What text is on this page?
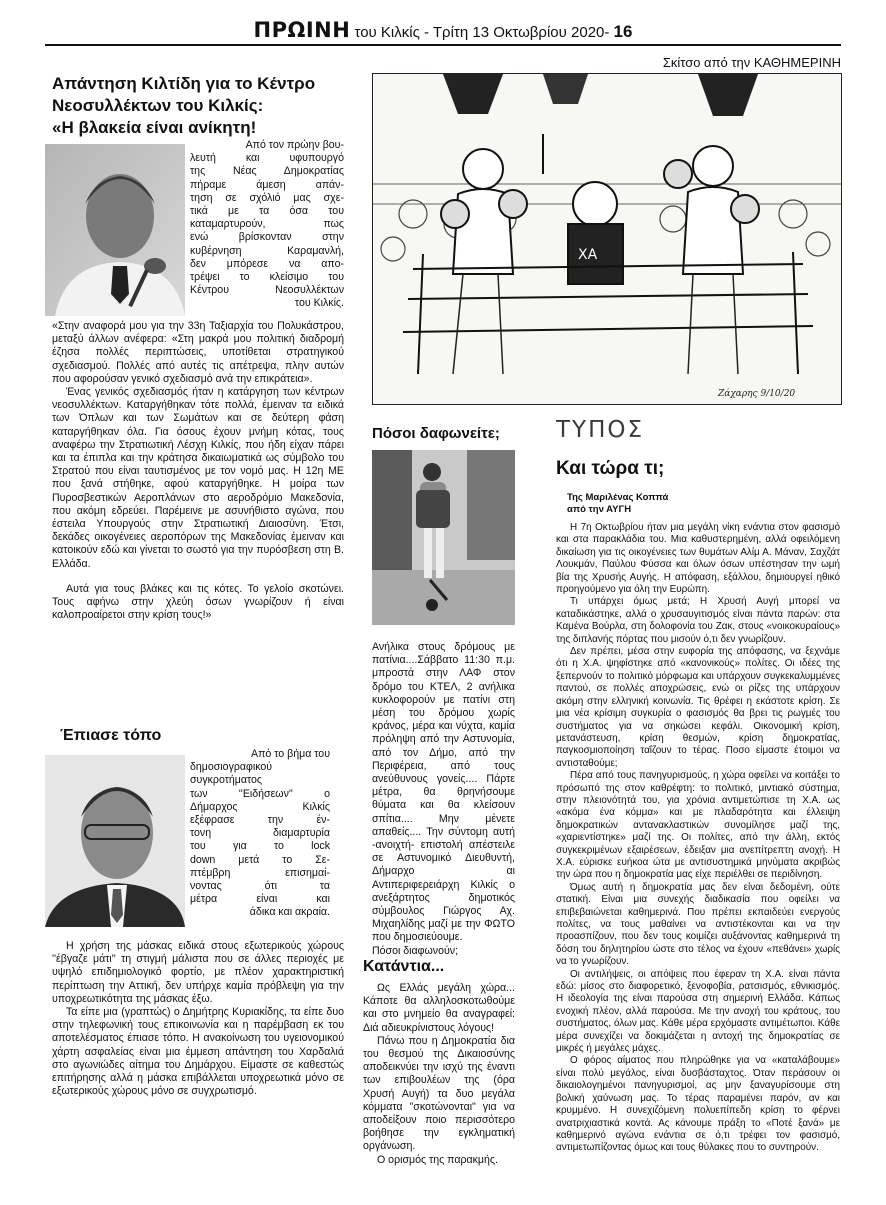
ΠΡΩΙΝΗ του Κιλκίς - Τρίτη 13 Οκτωβρίου 2020- 16
Σκίτσο από την ΚΑΘΗΜΕΡΙΝΗ
ΧΑ
Ζάχαρης 9/10/20
Απάντηση Κιλτίδη για το Κέντρο
Νεοσυλλέκτων του Κιλκίς:
«Η βλακεία είναι ανίκητη!
Από τον πρώην βου-
λευτή και υφυπουργό
της Νέας Δημοκρατίας
πήραμε άμεση απάν-
τηση σε σχόλιό μας σχε-
τικά με τα όσα του
καταμαρτυρούν, πως
ενώ βρίσκονταν στην
κυβέρνηση Καραμανλή,
δεν μπόρεσε να απο-
τρέψει το κλείσιμο του
Κέντρου Νεοσυλλέκτων
του Κιλκίς.

«Στην αναφορά μου για την 33η Ταξιαρχία του Πολυκάστρου, μεταξύ άλλων ανέφερα: «Στη μακρά μου πολιτική διαδρομή έζησα πολλές περιπτώσεις, υποτίθεται στρατηγικού σχεδιασμού. Πολλές από αυτές τις απέτρεψα, πλην αυτών που αφορούσαν γενικό σχεδιασμό ανά την επικράτεια».

Ένας γενικός σχεδιασμός ήταν η κατάργηση των κέντρων νεοσυλλέκτων. Καταργήθηκαν τότε πολλά, έμειναν τα ειδικά των Όπλων και των Σωμάτων και σε δεύτερη φάση καταργήθηκαν όλα. Για όσους έχουν μνήμη κότας, τους αναφέρω την Στρατιωτική Λέσχη Κιλκίς, που ήδη είχαν πάρει και τα έπιπλα και την κράτησα δικαιωματικά ως σύμβολο του Στρατού που είναι ταυτισμένος με τον νομό μας. Η 12η ΜΕ που ξανά στήθηκε, αφού καταργήθηκε. Η μοίρα των Πυροσβεστικών Αεροπλάνων στο αεροδρόμιο Μακεδονία, που ακόμη εδρεύει. Παρέμεινε με ασυνήθιστο αγώνα, που έστειλα Υπουργούς στην Στρατιωτική Διαιοσύνη. Έτσι, δεκάδες οικογένειες αεροπόρων της Μακεδονίας έμειναν και κατοικούν εδώ και γίνεται το σωστό για την πυρόσβεση στη Β. Ελλάδα.

Αυτά για τους βλάκες και τις κότες. Το γελοίο σκοτώνει. Τους αφήνω στην χλεύη όσων γνωρίζουν ή είναι καλοπροαίρετοι στην κρίση τους!»

Έπιασε τόπο
Από το βήμα του
δημοσιογραφικού
συγκροτήματος
των ''Ειδήσεων'' ο
Δήμαρχος Κιλκίς
εξέφρασε την έν-
τονη διαμαρτυρία
του για το lock
down μετά το Σε-
πτέμβρη επισημαί-
νοντας ότι τα
μέτρα είναι και
άδικα και ακραία.

Η χρήση της μάσκας ειδικά στους εξωτερικούς χώρους ''έβγαζε μάτι'' τη στιγμή μάλιστα που σε άλλες περιοχές με υψηλό επιδημιολογικό φορτίο, με πλέον χαρακτηριστική περίπτωση την Αττική, δεν υπήρχε καμία πρόβλεψη για την υποχρεωτικότητα της μάσκας έξω.

Τα είπε μια (γραπτώς) ο Δημήτρης Κυριακίδης, τα είπε δυο στην τηλεφωνική τους επικοινωνία και η παρέμβαση εκ του αποτελέσματος έπιασε τόπο. Η ανακοίνωση του υγειονομικού χάρτη ασφαλείας είναι μια έμμεση απάντηση του Χαρδαλιά στο αγωνιώδες αίτημα του Δημάρχου. Είμαστε σε καθεστώς επιτήρησης αλλά η μάσκα επιβάλλεται υποχρεωτικά μόνο σε εξωτερικούς χώρους μόνο σε συγχρωτισμό.

Πόσοι δαφωνείτε;

Ανήλικα στους δρόμους με πατίνια....Σάββατο 11:30 π.μ. μπροστά στην ΛΑΦ στον δρόμο του ΚΤΕΛ, 2 ανήλικα κυκλοφορούν με πατίνι στη μέση του δρόμου χωρίς κράνος, μέρα και νύχτα, καμία πρόληψη από την Αστυνομία, από τον Δήμο, από την Περιφέρεια, από τους ανεύθυνους γονείς.... Πάρτε μέτρα, θα θρηνήσουμε θύματα και θα κλείσουν σπίτια.... Μην μένετε απαθείς.... Την σύντομη αυτή -ανοιχτή- επιστολή απέστειλε σε Αστυνομικό Διευθυντή, Δήμαρχο αι Αντιπεριφερειάρχη Κιλκίς ο ανεξάρτητος δημοτικός σύμβουλος Γιώργος Αχ. Μιχαηλίδης μαζί με την ΦΩΤΟ που δημοσιεύουμε.

Πόσοι διαφωνούν;

Κατάντια...

Ως Ελλάς μεγάλη χώρα... Κάποτε θα αλληλοσκοτωθούμε και στο μνημείο θα αναγραφεί: Διά αδιευκρίνιστους λόγους!

Πάνω που η Δημοκρατία δια του θεσμού της Δικαιοσύνης αποδεικνύει την ισχύ της έναντι των επιβουλέων της (όρα Χρυσή Αυγή) τα δυο μεγάλα κόμματα "σκοτώνονται" για να αποδείξουν ποιο περισσότερο βοήθησε την εγκληματική οργάνωση.

Ο ορισμός της παρακμής.

ΤΥΠΟΣ
Και τώρα τι;
Της Μαριλένας Κοππά
από την ΑΥΓΗ

Η 7η Οκτωβρίου ήταν μια μεγάλη νίκη ενάντια στον φασισμό και στα παρακλάδια του. Μια καθυστερημένη, αλλά οφειλόμενη δικαίωση για τις οικογένειες των θυμάτων Αλίμ Α. Μάναν, Σαχζάτ Λουκμάν, Παύλου Φύσσα και όλων όσων υπέστησαν την ωμή βία της Χρυσής Αυγής. Η απόφαση, εξάλλου, δημιουργεί ηθικό προηγούμενο για όλη την Ευρώπη.

Τι υπάρχει όμως μετά; Η Χρυσή Αυγή μπορεί να καταδικάστηκε, αλλά ο χρυσαυγιτισμός είναι πάντα παρών: στα Καμένα Βούρλα, στη δολοφονία του Ζακ, στους «νοικοκυραίους» της διπλανής πόρτας που μισούν ό,τι δεν γνωρίζουν.

Δεν πρέπει, μέσα στην ευφορία της απόφασης, να ξεχνάμε ότι η Χ.Α. ψηφίστηκε από «κανονικούς» πολίτες. Οι ιδέες της ξεπερνούν το πολιτικό μόρφωμα και υπάρχουν συγκεκαλυμμένες παντού, σε πολλές αποχρώσεις, ενώ οι ρίζες της υπάρχουν ακόμη στην ελληνική κοινωνία. Τις θρέφει η εκάστοτε κρίση. Σε μια νέα κρίσιμη συγκυρία ο φασισμός θα βρει τις ρωγμές του συστήματος για να σηκώσει κεφάλι. Οικονομική κρίση, μετανάστευση, κρίση θεσμών, κρίση δημοκρατίας, παγκοσμιοποίηση ταΐζουν το τέρας. Ποσο είμαστε έτοιμοι να αντισταθούμε;

Πέρα από τους πανηγυρισμούς, η χώρα οφείλει να κοιτάξει το πρόσωπό της στον καθρέφτη: το πολιτικό, μιντιακό σύστημα, στην πλειονότητά του, για χρόνια αντιμετώπισε τη Χ.Α. ως «ακόμα ένα κόμμα» και με πλαδαρότητα και έλλειψη δημοκρατικών αντανακλαστικών συνομίλησε μαζί της, «χαριεντίστηκε» μαζί της. Οι πολίτες, από την άλλη, εκτός συγκεκριμένων εξαιρέσεων, έδειξαν μια ανεπίτρεπτη ανοχή. Η Χ.Α. εύρισκε ευήκοα ώτα με αντισυστημικά μηνύματα ακριβώς την ώρα που η δημοκρατία μας είχε περιέλθει σε περιδίνηση.

Όμως αυτή η δημοκρατία μας δεν είναι δεδομένη, ούτε στατική. Είναι μια συνεχής διαδικασία που οφείλει να επιβεβαιώνεται καθημερινά. Που πρέπει εκπαιδεύει ενεργούς πολίτες, να τους μαθαίνει να αντιστέκονται και να την προασπίζουν, που δεν τους κοιμίζει αυξάνοντας καθημερινά τη δόση του δηλητηρίου ώστε στο τέλος να έχουν «πεθάνει» χωρίς να το γνωρίζουν.

Οι αντιλήψεις, οι απόψεις που έφεραν τη Χ.Α. είναι πάντα εδώ: μίσος στο διαφορετικό, ξενοφοβία, ρατσισμός, εθνικισμός. Η ιδεολογία της είναι παρούσα στη σημερινή Ελλάδα. Κάπως ενοχική πλέον, αλλά παρούσα. Με την ανοχή του κράτους, του συστήματος, όλων μας. Κάθε μέρα ερχόμαστε αντιμέτωποι. Κάθε μέρα συνεχίζει να δοκιμάζεται η αντοχή της δημοκρατίας σε μικρές ή μεγάλες μάχες.

Ο φόρος αίματος που πληρώθηκε για να «καταλάβουμε» είναι πολύ μεγάλος, είναι δυσβάσταχτος. Όταν περάσουν οι δικαιολογημένοι πανηγυρισμοί, ας μην ξαναγυρίσουμε στη βολική χαύνωση μας. Το τέρας παραμένει παρόν, αν και κρυμμένο. Η συνεχιζόμενη πολυεπίπεδη κρίση το φέρνει ανατριχιαστικά κοντά. Ας κάνουμε πράξη το «Ποτέ ξανά» με καθημερινό αγώνα ενάντια σε ό,τι τρέφει τον φασισμό, αντιμετωπίζοντας όμως και τους θύλακες που το συντηρούν.
